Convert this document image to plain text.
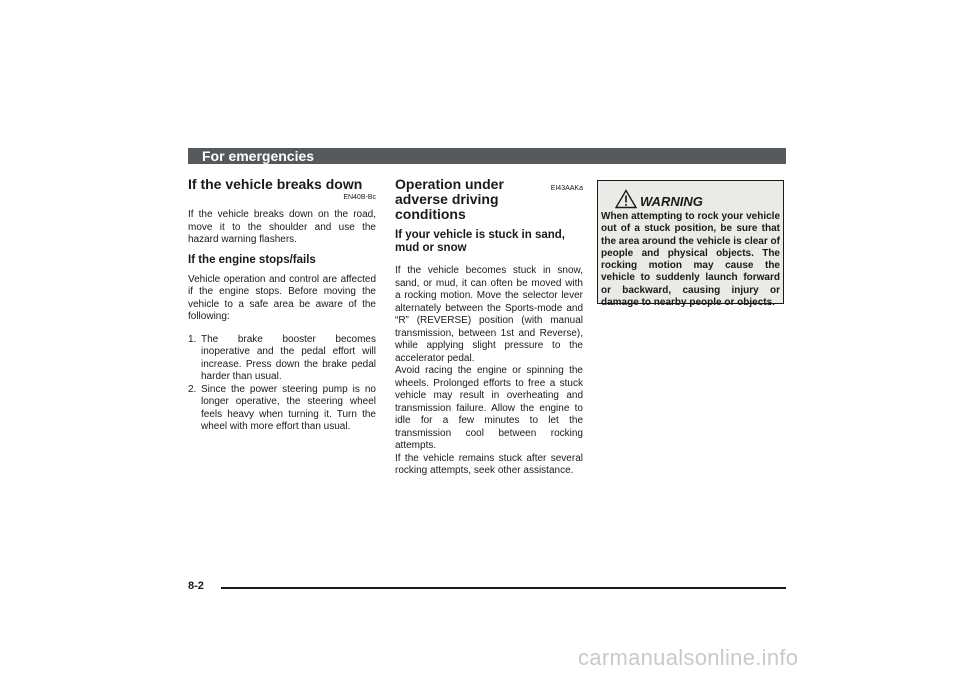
For emergencies
If the vehicle breaks down
EN40B-Bc

If the vehicle breaks down on the road, move it to the shoulder and use the hazard warning flashers.

If the engine stops/fails

Vehicle operation and control are affected if the engine stops. Before moving the vehicle to a safe area be aware of the following:

1. The brake booster becomes inoperative and the pedal effort will increase. Press down the brake pedal harder than usual.
2. Since the power steering pump is no longer operative, the steering wheel feels heavy when turning it. Turn the wheel with more effort than usual.
EI43AAKa
Operation under adverse driving conditions
If your vehicle is stuck in sand, mud or snow

If the vehicle becomes stuck in snow, sand, or mud, it can often be moved with a rocking motion. Move the selector lever alternately between the Sports-mode and “R” (REVERSE) position (with manual transmission, between 1st and Reverse), while applying slight pressure to the accelerator pedal.

Avoid racing the engine or spinning the wheels. Prolonged efforts to free a stuck vehicle may result in overheating and transmission failure. Allow the engine to idle for a few minutes to let the transmission cool between rocking attempts.

If the vehicle remains stuck after several rocking attempts, seek other assistance.

WARNING

When attempting to rock your vehicle out of a stuck position, be sure that the area around the vehicle is clear of people and physical objects. The rocking motion may cause the vehicle to suddenly launch forward or backward, causing injury or damage to nearby people or objects.

8-2
carmanualsonline.info
